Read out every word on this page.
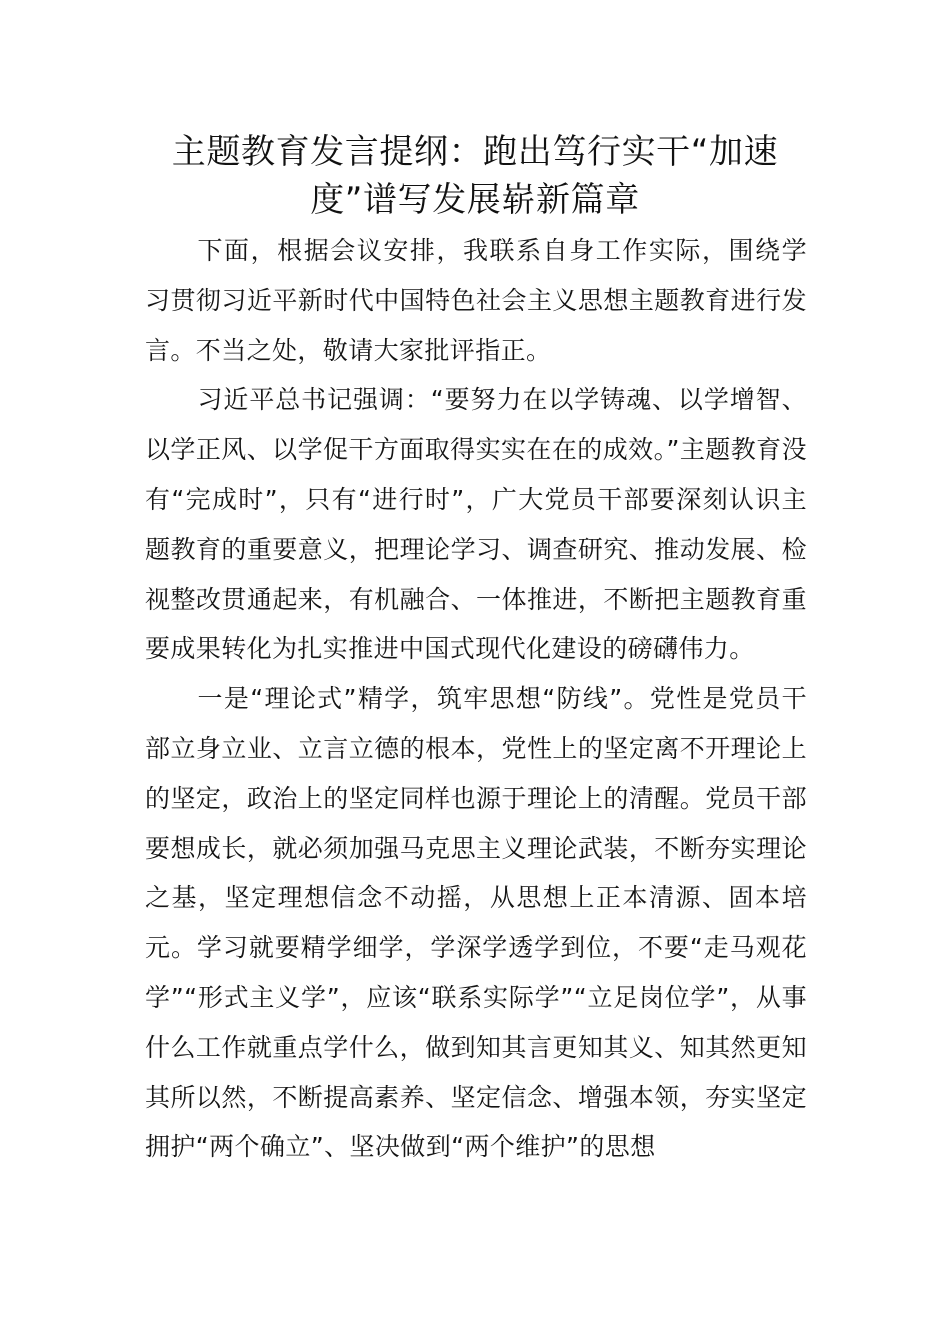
主题教育发言提纲：跑出笃行实干“加速
度”谱写发展崭新篇章

下面，根据会议安排，我联系自身工作实际，围绕学习贯彻习近平新时代中国特色社会主义思想主题教育进行发言。不当之处，敬请大家批评指正。

习近平总书记强调：“要努力在以学铸魂、以学增智、以学正风、以学促干方面取得实实在在的成效。”主题教育没有“完成时”，只有“进行时”，广大党员干部要深刻认识主题教育的重要意义，把理论学习、调查研究、推动发展、检视整改贯通起来，有机融合、一体推进，不断把主题教育重要成果转化为扎实推进中国式现代化建设的磅礴伟力。

一是“理论式”精学，筑牢思想“防线”。党性是党员干部立身立业、立言立德的根本，党性上的坚定离不开理论上的坚定，政治上的坚定同样也源于理论上的清醒。党员干部要想成长，就必须加强马克思主义理论武装，不断夯实理论之基，坚定理想信念不动摇，从思想上正本清源、固本培元。学习就要精学细学，学深学透学到位，不要“走马观花学”“形式主义学”，应该“联系实际学”“立足岗位学”，从事什么工作就重点学什么，做到知其言更知其义、知其然更知其所以然，不断提高素养、坚定信念、增强本领，夯实坚定拥护“两个确立”、坚决做到“两个维护”的思想
